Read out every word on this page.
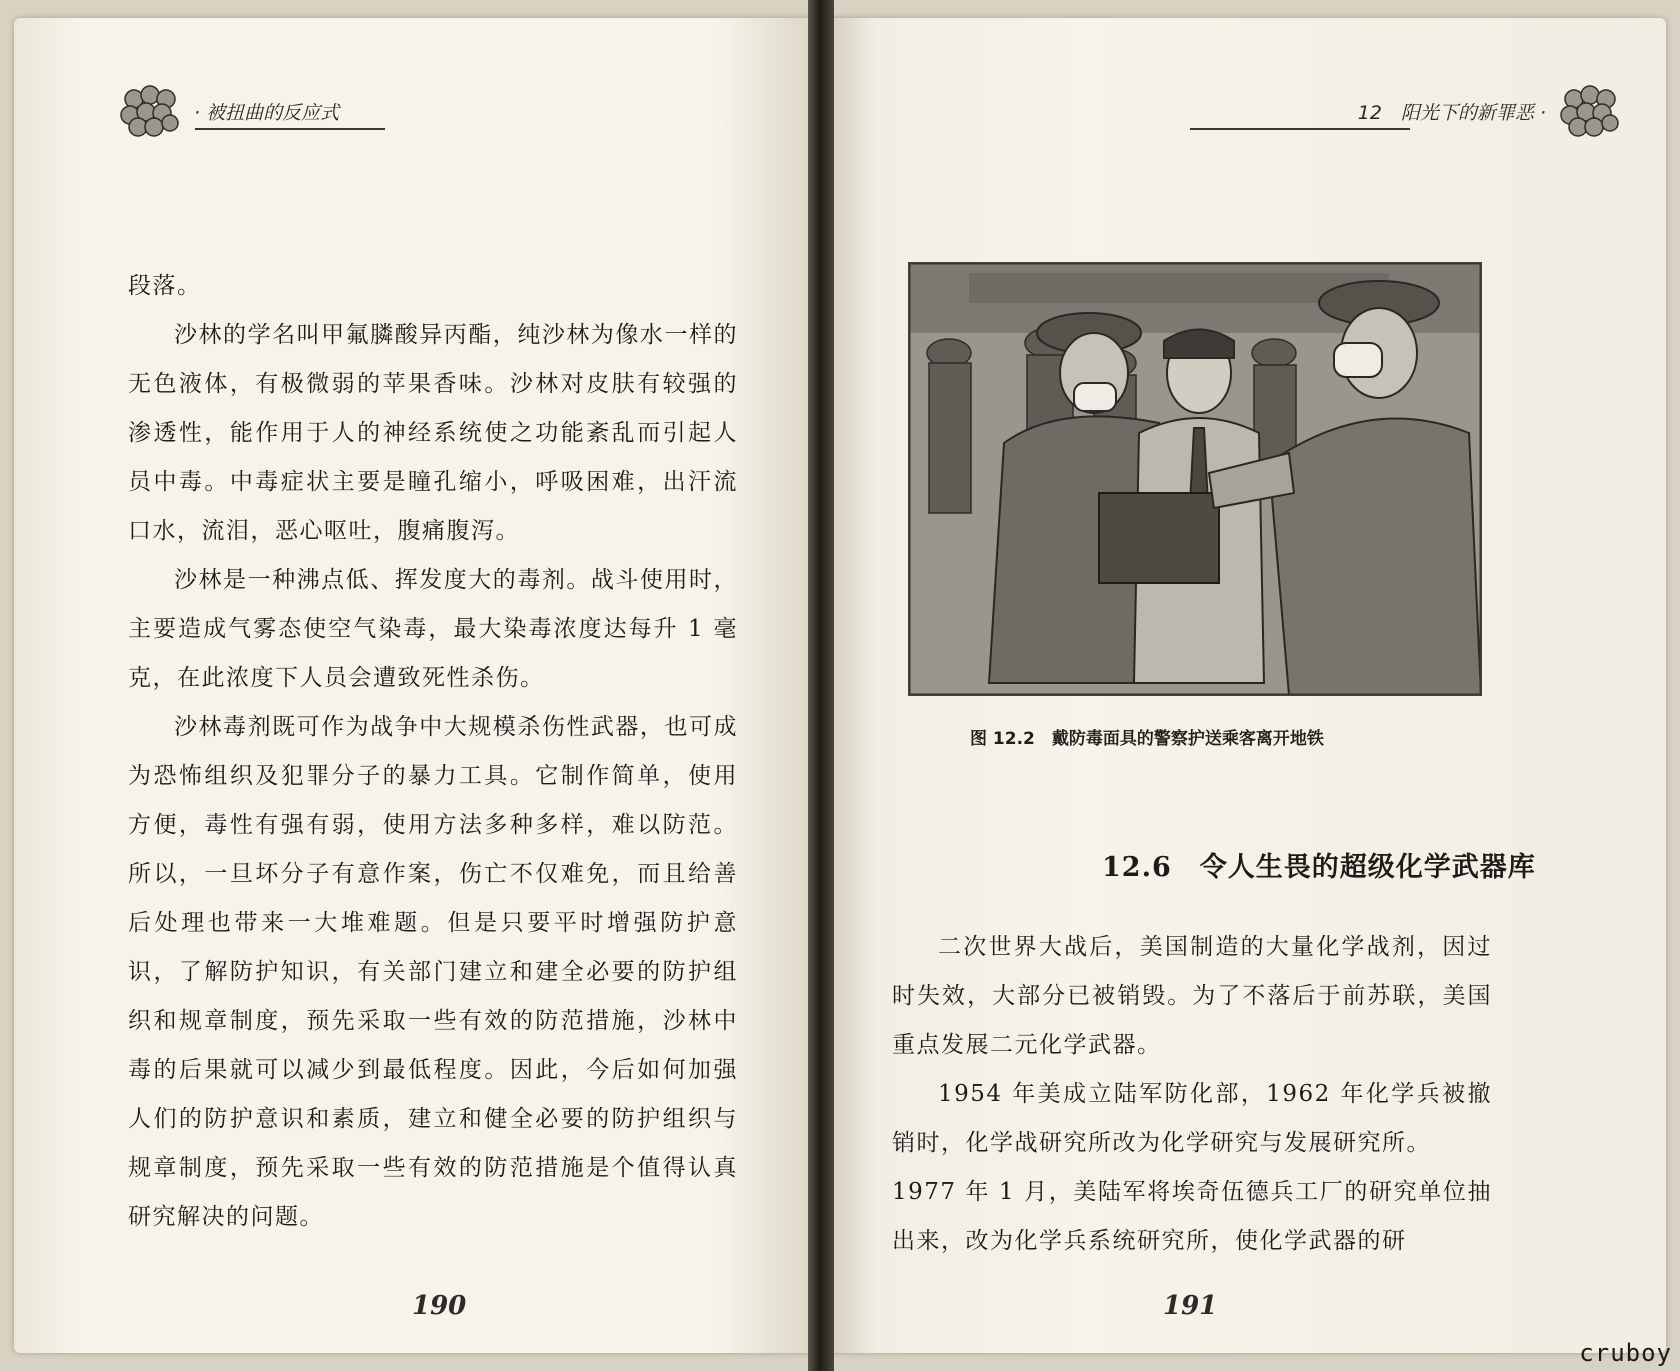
· 被扭曲的反应式	12　阳光下的新罪恶 ·

段落。

沙林的学名叫甲氟膦酸异丙酯，纯沙林为像水一样的无色液体，有极微弱的苹果香味。沙林对皮肤有较强的渗透性，能作用于人的神经系统使之功能紊乱而引起人员中毒。中毒症状主要是瞳孔缩小，呼吸困难，出汗流口水，流泪，恶心呕吐，腹痛腹泻。

沙林是一种沸点低、挥发度大的毒剂。战斗使用时，主要造成气雾态使空气染毒，最大染毒浓度达每升 1 毫克，在此浓度下人员会遭致死性杀伤。

沙林毒剂既可作为战争中大规模杀伤性武器，也可成为恐怖组织及犯罪分子的暴力工具。它制作简单，使用方便，毒性有强有弱，使用方法多种多样，难以防范。所以，一旦坏分子有意作案，伤亡不仅难免，而且给善后处理也带来一大堆难题。但是只要平时增强防护意识，了解防护知识，有关部门建立和建全必要的防护组织和规章制度，预先采取一些有效的防范措施，沙林中毒的后果就可以减少到最低程度。因此，今后如何加强人们的防护意识和素质，建立和健全必要的防护组织与规章制度，预先采取一些有效的防范措施是个值得认真研究解决的问题。

图 12.2　戴防毒面具的警察护送乘客离开地铁
12.6　令人生畏的超级化学武器库

二次世界大战后，美国制造的大量化学战剂，因过时失效，大部分已被销毁。为了不落后于前苏联，美国重点发展二元化学武器。

1954 年美成立陆军防化部，1962 年化学兵被撤销时，化学战研究所改为化学研究与发展研究所。

1977 年 1 月，美陆军将埃奇伍德兵工厂的研究单位抽出来，改为化学兵系统研究所，使化学武器的研

190	191
cruboy
